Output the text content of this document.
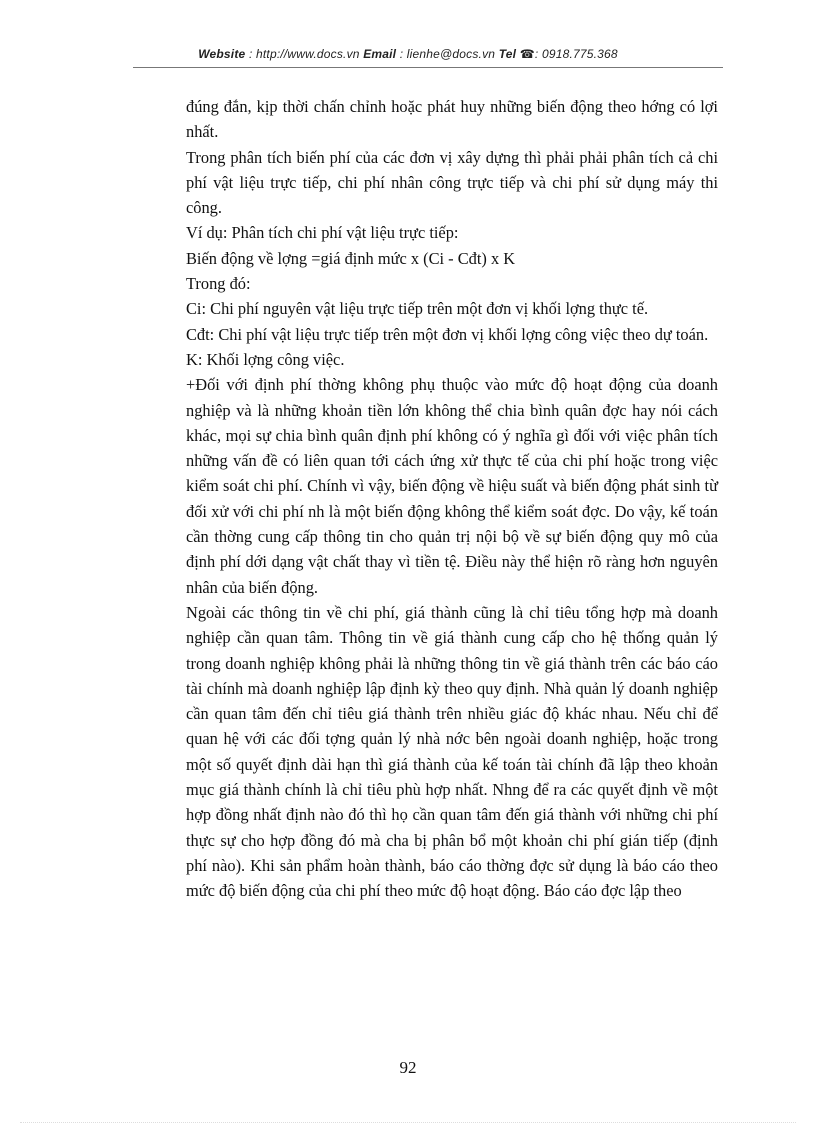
Website : http://www.docs.vn Email : lienhe@docs.vn Tel ☎: 0918.775.368

đúng đắn, kịp thời chấn chỉnh hoặc phát huy những biến động theo hớng có lợi nhất.

Trong phân tích biến phí của các đơn vị xây dựng thì phải phải phân tích cả chi phí vật liệu trực tiếp, chi phí nhân công trực tiếp và chi phí sử dụng máy thi công.

Ví dụ: Phân tích chi phí vật liệu trực tiếp:

Biến động về lợng =giá định mức x (Ci - Cđt) x K

Trong đó:

Ci: Chi phí nguyên vật liệu trực tiếp trên một đơn vị khối lợng thực tế.

Cđt: Chi phí vật liệu trực tiếp trên một đơn vị khối lợng công việc theo dự toán.

K: Khối lợng công việc.

+Đối với định phí thờng không phụ thuộc vào mức độ hoạt động của doanh nghiệp và là những khoản tiền lớn không thể chia bình quân đợc hay nói cách khác, mọi sự chia bình quân định phí không có ý nghĩa gì đối với việc phân tích những vấn đề có liên quan tới cách ứng xử thực tế của chi phí hoặc trong việc kiểm soát chi phí. Chính vì vậy, biến động về hiệu suất và biến động phát sinh từ đối xử với chi phí nh là một biến động không thể kiểm soát đợc. Do vậy, kế toán cần thờng cung cấp thông tin cho quản trị nội bộ về sự biến động quy mô của định phí dới dạng vật chất thay vì tiền tệ. Điều này thể hiện rõ ràng hơn nguyên nhân của biến động.

Ngoài các thông tin về chi phí, giá thành cũng là chỉ tiêu tổng hợp mà doanh nghiệp cần quan tâm. Thông tin về giá thành cung cấp cho hệ thống quản lý trong doanh nghiệp không phải là những thông tin về giá thành trên các báo cáo tài chính mà doanh nghiệp lập định kỳ theo quy định. Nhà quản lý doanh nghiệp cần quan tâm đến chỉ tiêu giá thành trên nhiều giác độ khác nhau. Nếu chỉ để quan hệ với các đối tợng quản lý nhà nớc bên ngoài doanh nghiệp, hoặc trong một số quyết định dài hạn thì giá thành của kế toán tài chính đã lập theo khoản mục giá thành chính là chỉ tiêu phù hợp nhất. Nhng để ra các quyết định về một hợp đồng nhất định nào đó thì họ cần quan tâm đến giá thành với những chi phí thực sự cho hợp đồng đó mà cha bị phân bổ một khoản chi phí gián tiếp (định phí nào). Khi sản phẩm hoàn thành, báo cáo thờng đợc sử dụng là báo cáo theo mức độ biến động của chi phí theo mức độ hoạt động. Báo cáo đợc lập theo

92
